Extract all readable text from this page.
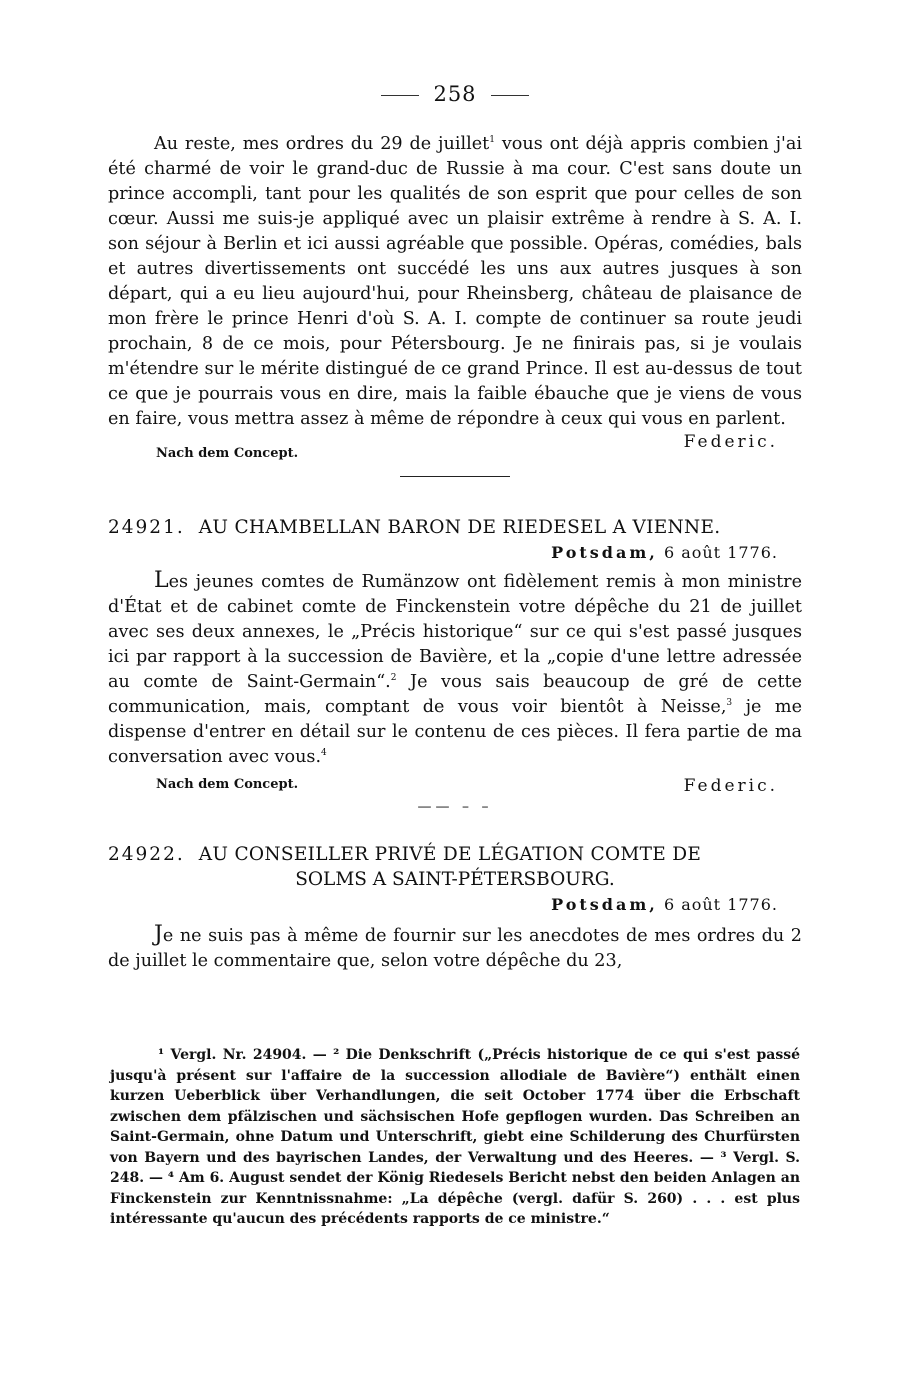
258

Au reste, mes ordres du 29 de juillet$^1$ vous ont déjà appris combien j'ai été charmé de voir le grand-duc de Russie à ma cour. C'est sans doute un prince accompli, tant pour les qualités de son esprit que pour celles de son cœur. Aussi me suis-je appliqué avec un plaisir extrême à rendre à S. A. I. son séjour à Berlin et ici aussi agréable que possible. Opéras, comédies, bals et autres divertissements ont succédé les uns aux autres jusques à son départ, qui a eu lieu aujourd'hui, pour Rheinsberg, château de plaisance de mon frère le prince Henri d'où S. A. I. compte de continuer sa route jeudi prochain, 8 de ce mois, pour Pétersbourg. Je ne finirais pas, si je voulais m'étendre sur le mérite distingué de ce grand Prince. Il est au-dessus de tout ce que je pourrais vous en dire, mais la faible ébauche que je viens de vous en faire, vous mettra assez à même de répondre à ceux qui vous en parlent.

Nach dem Concept.
Federic.
24921. AU CHAMBELLAN BARON DE RIEDESEL A VIENNE.
Potsdam, 6 août 1776.

Les jeunes comtes de Rumänzow ont fidèlement remis à mon ministre d'État et de cabinet comte de Finckenstein votre dépêche du 21 de juillet avec ses deux annexes, le „Précis historique“ sur ce qui s'est passé jusques ici par rapport à la succession de Bavière, et la „copie d'une lettre adressée au comte de Saint-Germain“.$^2$ Je vous sais beaucoup de gré de cette communication, mais, comptant de vous voir bientôt à Neisse,$^3$ je me dispense d'entrer en détail sur le contenu de ces pièces. Il fera partie de ma conversation avec vous.$^4$

Nach dem Concept.	Federic.
—— – –
24922. AU CONSEILLER PRIVÉ DE LÉGATION COMTE DE
SOLMS A SAINT-PÉTERSBOURG.
Potsdam, 6 août 1776.

Je ne suis pas à même de fournir sur les anecdotes de mes ordres du 2 de juillet le commentaire que, selon votre dépêche du 23,

¹ Vergl. Nr. 24904. — ² Die Denkschrift („Précis historique de ce qui s'est passé jusqu'à présent sur l'affaire de la succession allodiale de Bavière“) enthält einen kurzen Ueberblick über Verhandlungen, die seit October 1774 über die Erbschaft zwischen dem pfälzischen und sächsischen Hofe gepflogen wurden. Das Schreiben an Saint-Germain, ohne Datum und Unterschrift, giebt eine Schilderung des Churfürsten von Bayern und des bayrischen Landes, der Verwaltung und des Heeres. — ³ Vergl. S. 248. — ⁴ Am 6. August sendet der König Riedesels Bericht nebst den beiden Anlagen an Finckenstein zur Kenntnissnahme: „La dépêche (vergl. dafür S. 260) . . . est plus intéressante qu'aucun des précédents rapports de ce ministre.“
